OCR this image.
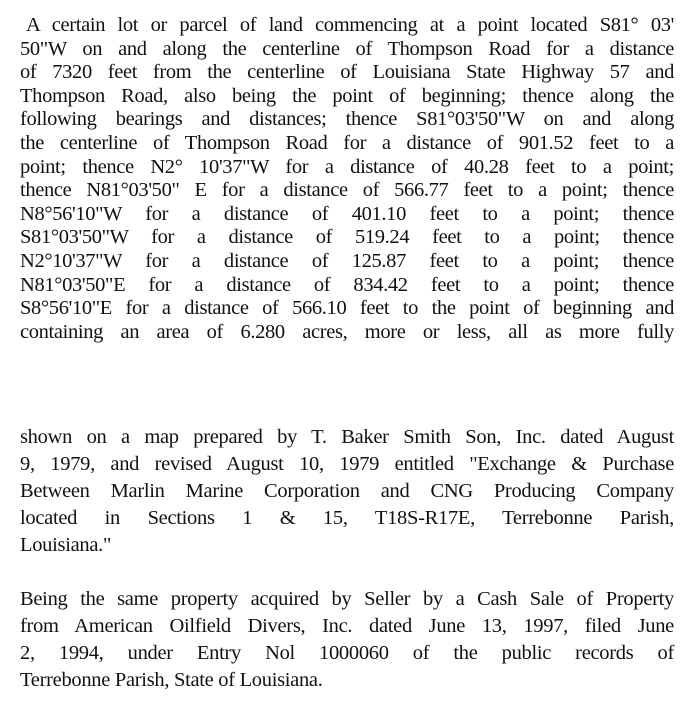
A certain lot or parcel of land commencing at a point located S81° 03'
50"W on and along the centerline of Thompson Road for a distance
of 7320 feet from the centerline of Louisiana State Highway 57 and
Thompson Road, also being the point of beginning; thence along the
following bearings and distances; thence S81°03'50"W on and along
the centerline of Thompson Road for a distance of 901.52 feet to a
point; thence N2° 10'37"W for a distance of 40.28 feet to a point;
thence N81°03'50" E for a distance of 566.77 feet to a point; thence
N8°56'10"W for a distance of 401.10 feet to a point; thence
S81°03'50"W for a distance of 519.24 feet to a point; thence
N2°10'37"W for a distance of 125.87 feet to a point; thence
N81°03'50"E for a distance of 834.42 feet to a point; thence
S8°56'10"E for a distance of 566.10 feet to the point of beginning and
containing an area of 6.280 acres, more or less, all as more fully

shown on a map prepared by T. Baker Smith Son, Inc. dated August
9, 1979, and revised August 10, 1979 entitled "Exchange & Purchase
Between Marlin Marine Corporation and CNG Producing Company
located in Sections 1 & 15, T18S-R17E, Terrebonne Parish,
Louisiana."

Being the same property acquired by Seller by a Cash Sale of Property
from American Oilfield Divers, Inc. dated June 13, 1997, filed June
2, 1994, under Entry Nol 1000060 of the public records of
Terrebonne Parish, State of Louisiana.
